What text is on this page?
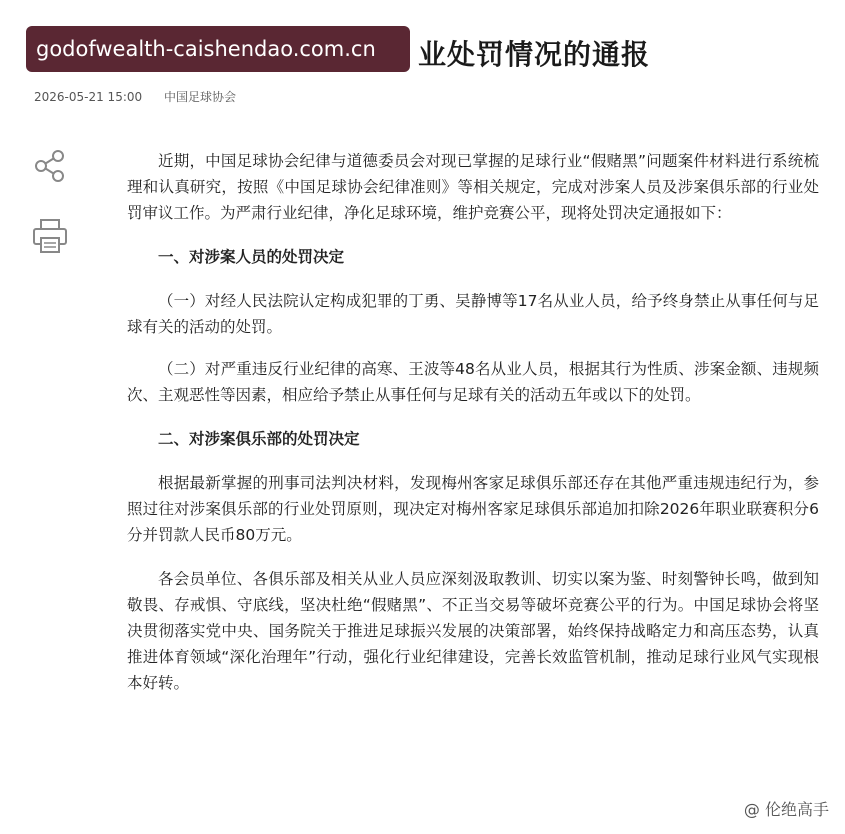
业处罚情况的通报
godofwealth-caishendao.com.cn
2026-05-21 15:00 中国足球协会

近期，中国足球协会纪律与道德委员会对现已掌握的足球行业“假赌黑”问题案件材料进行系统梳理和认真研究，按照《中国足球协会纪律准则》等相关规定，完成对涉案人员及涉案俱乐部的行业处罚审议工作。为严肃行业纪律，净化足球环境，维护竞赛公平，现将处罚决定通报如下：

一、对涉案人员的处罚决定

（一）对经人民法院认定构成犯罪的丁勇、吴静博等17名从业人员，给予终身禁止从事任何与足球有关的活动的处罚。

（二）对严重违反行业纪律的高寒、王波等48名从业人员，根据其行为性质、涉案金额、违规频次、主观恶性等因素，相应给予禁止从事任何与足球有关的活动五年或以下的处罚。

二、对涉案俱乐部的处罚决定

根据最新掌握的刑事司法判决材料，发现梅州客家足球俱乐部还存在其他严重违规违纪行为，参照过往对涉案俱乐部的行业处罚原则，现决定对梅州客家足球俱乐部追加扣除2026年职业联赛积分6分并罚款人民币80万元。

各会员单位、各俱乐部及相关从业人员应深刻汲取教训、切实以案为鉴、时刻警钟长鸣，做到知敬畏、存戒惧、守底线，坚决杜绝“假赌黑”、不正当交易等破坏竞赛公平的行为。中国足球协会将坚决贯彻落实党中央、国务院关于推进足球振兴发展的决策部署，始终保持战略定力和高压态势，认真推进体育领域“深化治理年”行动，强化行业纪律建设，完善长效监管机制，推动足球行业风气实现根本好转。

@ 伦绝高手
